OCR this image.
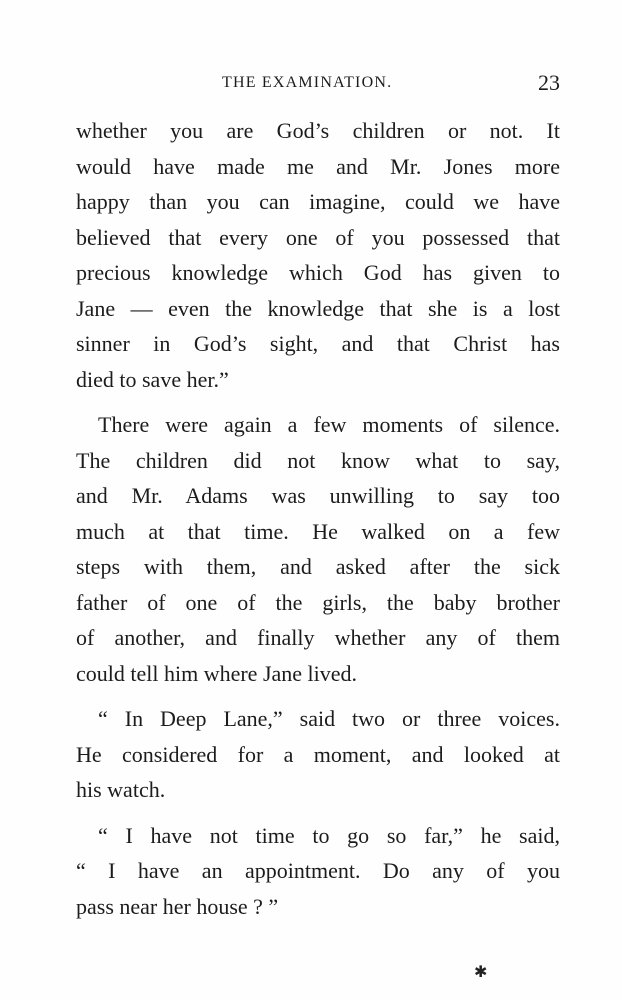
THE EXAMINATION.	23
whether you are God’s children or not. It
would have made me and Mr. Jones more
happy than you can imagine, could we have
believed that every one of you possessed that
precious knowledge which God has given to
Jane — even the knowledge that she is a lost
sinner in God’s sight, and that Christ has
died to save her.”
There were again a few moments of silence.
The children did not know what to say,
and Mr. Adams was unwilling to say too
much at that time. He walked on a few
steps with them, and asked after the sick
father of one of the girls, the baby brother
of another, and finally whether any of them
could tell him where Jane lived.
“ In Deep Lane,” said two or three voices.
He considered for a moment, and looked at
his watch.
“ I have not time to go so far,” he said,
“ I have an appointment. Do any of you
pass near her house ? ”
✱
